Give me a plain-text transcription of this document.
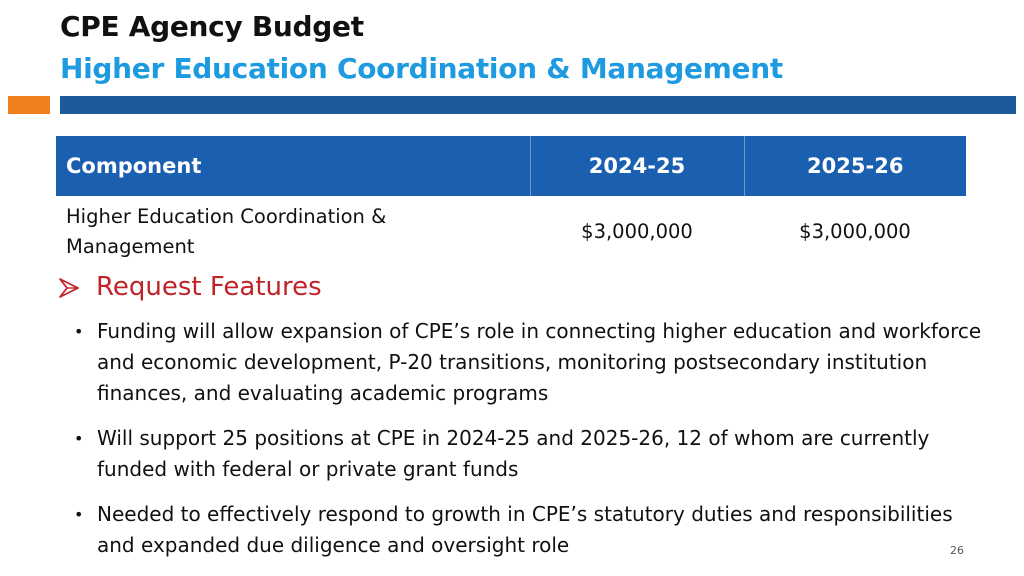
CPE Agency Budget
Higher Education Coordination & Management
Component	2024-25	2025-26
Higher Education Coordination & Management	$3,000,000	$3,000,000
Request Features
• Funding will allow expansion of CPE’s role in connecting higher education and workforce and economic development, P-20 transitions, monitoring postsecondary institution finances, and evaluating academic programs
• Will support 25 positions at CPE in 2024-25 and 2025-26, 12 of whom are currently funded with federal or private grant funds
• Needed to effectively respond to growth in CPE’s statutory duties and responsibilities and expanded due diligence and oversight role	26
